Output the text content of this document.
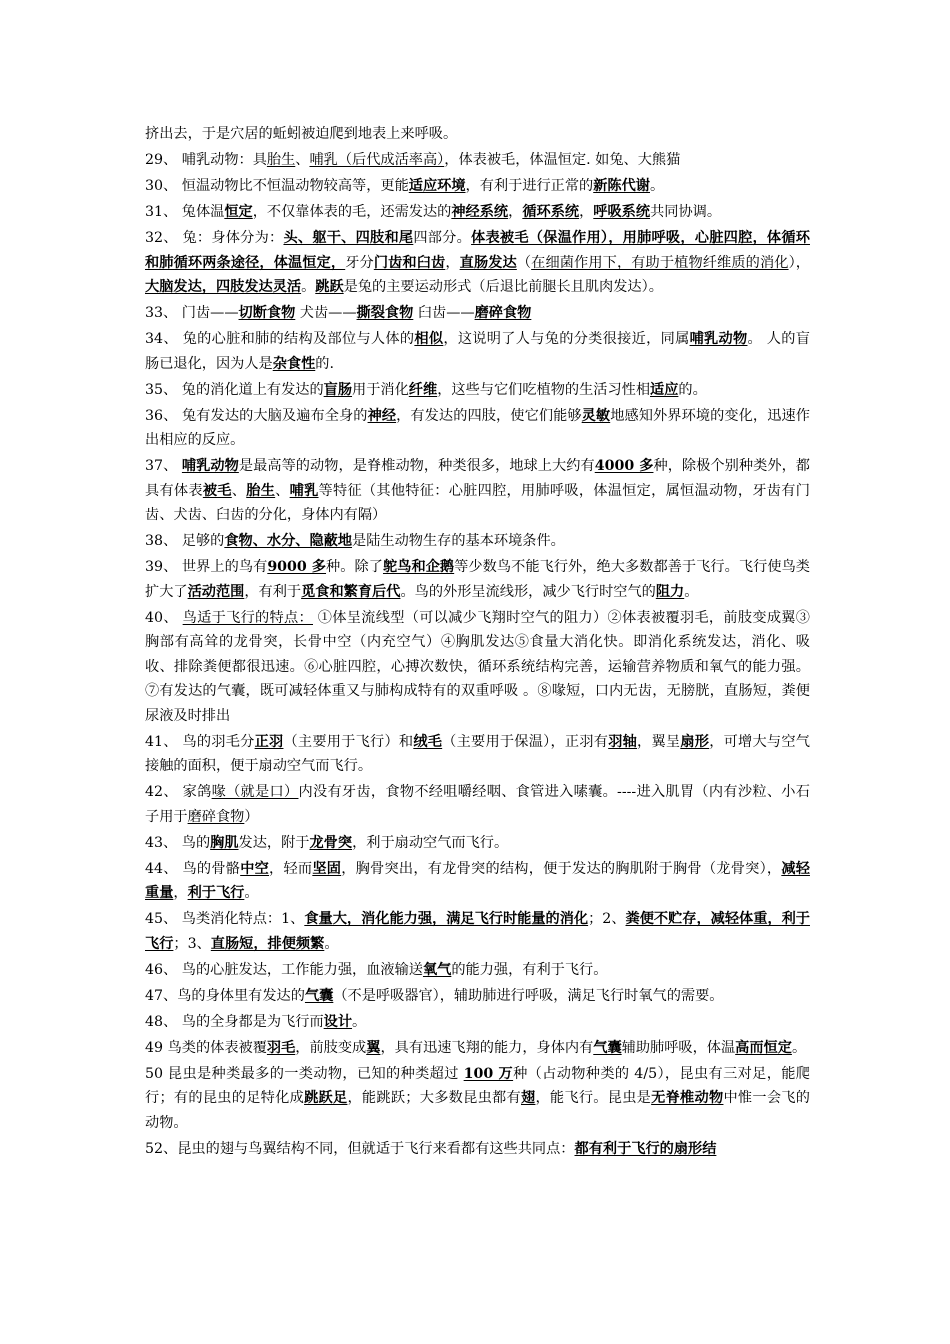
挤出去，于是穴居的蚯蚓被迫爬到地表上来呼吸。

29、 哺乳动物：具胎生、哺乳（后代成活率高），体表被毛，体温恒定. 如兔、大熊猫

30、 恒温动物比不恒温动物较高等，更能适应环境，有利于进行正常的新陈代谢。

31、 兔体温恒定，不仅靠体表的毛，还需发达的神经系统，循环系统，呼吸系统共同协调。

32、 兔：身体分为：头、躯干、四肢和尾四部分。体表被毛（保温作用），用肺呼吸，心脏四腔，体循环和肺循环两条途径，体温恒定，牙分门齿和臼齿，直肠发达（在细菌作用下，有助于植物纤维质的消化），大脑发达，四肢发达灵活。跳跃是兔的主要运动形式（后退比前腿长且肌肉发达）。

33、 门齿——切断食物 犬齿——撕裂食物 臼齿——磨碎食物

34、 兔的心脏和肺的结构及部位与人体的相似，这说明了人与兔的分类很接近，同属哺乳动物。 人的盲肠已退化，因为人是杂食性的.

35、 兔的消化道上有发达的盲肠用于消化纤维，这些与它们吃植物的生活习性相适应的。

36、 兔有发达的大脑及遍布全身的神经，有发达的四肢，使它们能够灵敏地感知外界环境的变化，迅速作出相应的反应。

37、 哺乳动物是最高等的动物，是脊椎动物，种类很多，地球上大约有4000 多种，除极个别种类外，都具有体表被毛、胎生、哺乳等特征（其他特征：心脏四腔，用肺呼吸，体温恒定，属恒温动物，牙齿有门齿、犬齿、臼齿的分化，身体内有隔）

38、 足够的食物、水分、隐蔽地是陆生动物生存的基本环境条件。

39、 世界上的鸟有9000 多种。除了鸵鸟和企鹅等少数鸟不能飞行外，绝大多数都善于飞行。飞行使鸟类扩大了活动范围，有利于觅食和繁育后代。鸟的外形呈流线形，减少飞行时空气的阻力。

40、 鸟适于飞行的特点： ①体呈流线型（可以减少飞翔时空气的阻力）②体表被覆羽毛，前肢变成翼③胸部有高耸的龙骨突，长骨中空（内充空气）④胸肌发达⑤食量大消化快。即消化系统发达，消化、吸收、排除粪便都很迅速。⑥心脏四腔，心搏次数快，循环系统结构完善，运输营养物质和氧气的能力强。⑦有发达的气囊，既可减轻体重又与肺构成特有的双重呼吸 。⑧喙短，口内无齿，无膀胱，直肠短，粪便尿液及时排出

41、 鸟的羽毛分正羽（主要用于飞行）和绒毛（主要用于保温），正羽有羽轴，翼呈扇形，可增大与空气接触的面积，便于扇动空气而飞行。

42、 家鸽喙（就是口）内没有牙齿，食物不经咀嚼经咽、食管进入嗉囊。----进入肌胃（内有沙粒、小石子用于磨碎食物）

43、 鸟的胸肌发达，附于龙骨突，利于扇动空气而飞行。

44、 鸟的骨骼中空，轻而坚固，胸骨突出，有龙骨突的结构，便于发达的胸肌附于胸骨（龙骨突），减轻重量，利于飞行。

45、 鸟类消化特点：1、食量大，消化能力强，满足飞行时能量的消化；2、粪便不贮存，减轻体重，利于飞行；3、直肠短，排便频繁。

46、 鸟的心脏发达，工作能力强，血液输送氧气的能力强，有利于飞行。

47、鸟的身体里有发达的气囊（不是呼吸器官），辅助肺进行呼吸，满足飞行时氧气的需要。

48、 鸟的全身都是为飞行而设计。

49 鸟类的体表被覆羽毛，前肢变成翼，具有迅速飞翔的能力，身体内有气囊辅助肺呼吸，体温高而恒定。

50 昆虫是种类最多的一类动物，已知的种类超过 100 万种（占动物种类的 4/5），昆虫有三对足，能爬行；有的昆虫的足特化成跳跃足，能跳跃；大多数昆虫都有翅，能飞行。昆虫是无脊椎动物中惟一会飞的动物。

52、昆虫的翅与鸟翼结构不同，但就适于飞行来看都有这些共同点：都有利于飞行的扇形结
